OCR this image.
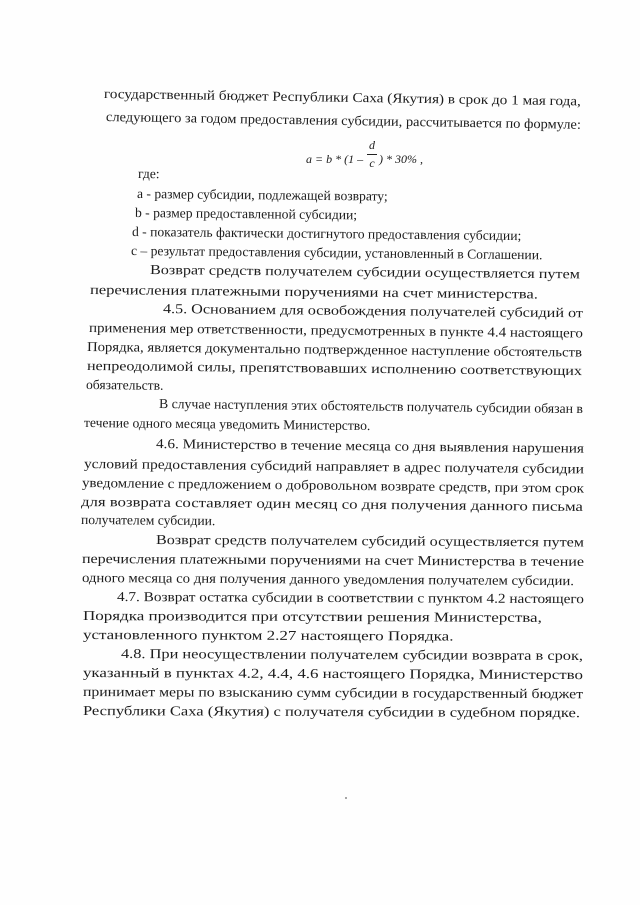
государственный бюджет Республики Саха (Якутия) в срок до 1 мая года,
следующего за годом предоставления субсидии, рассчитывается по формуле:
где:
a - размер субсидии, подлежащей возврату;
b - размер предоставленной субсидии;
d - показатель фактически достигнутого предоставления субсидии;
c – результат предоставления субсидии, установленный в Соглашении.
Возврат средств получателем субсидии осуществляется путем
перечисления платежными поручениями на счет министерства.
4.5. Основанием для освобождения получателей субсидий от
применения мер ответственности, предусмотренных в пункте 4.4 настоящего
Порядка, является документально подтвержденное наступление обстоятельств
непреодолимой силы, препятствовавших исполнению соответствующих
обязательств.
В случае наступления этих обстоятельств получатель субсидии обязан в
течение одного месяца уведомить Министерство.
4.6. Министерство в течение месяца со дня выявления нарушения
условий предоставления субсидий направляет в адрес получателя субсидии
уведомление с предложением о добровольном возврате средств, при этом срок
для возврата составляет один месяц со дня получения данного письма
получателем субсидии.
Возврат средств получателем субсидий осуществляется путем
перечисления платежными поручениями на счет Министерства в течение
одного месяца со дня получения данного уведомления получателем субсидии.
4.7. Возврат остатка субсидии в соответствии с пунктом 4.2 настоящего
Порядка производится при отсутствии решения Министерства,
установленного пунктом 2.27 настоящего Порядка.
4.8. При неосуществлении получателем субсидии возврата в срок,
указанный в пунктах 4.2, 4.4, 4.6 настоящего Порядка, Министерство
принимает меры по взысканию сумм субсидии в государственный бюджет
Республики Саха (Якутия) с получателя субсидии в судебном порядке.
a = b * (1 –
d
c ) * 30% ,
